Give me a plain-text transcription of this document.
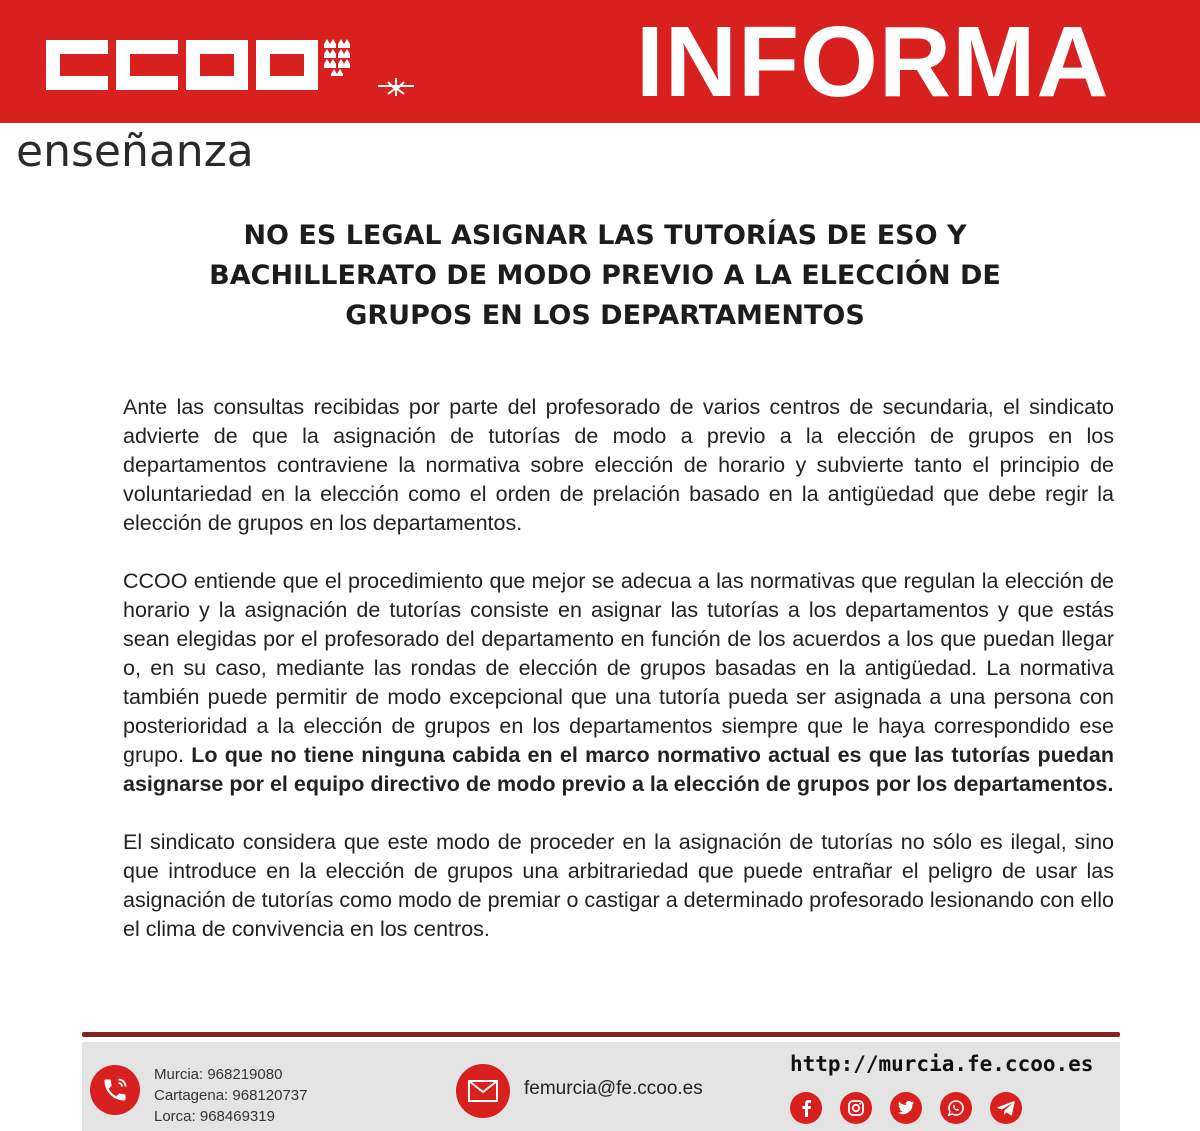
INFORMA
enseñanza
NO ES LEGAL ASIGNAR LAS TUTORÍAS DE ESO Y
BACHILLERATO DE MODO PREVIO A LA ELECCIÓN DE
GRUPOS EN LOS DEPARTAMENTOS

Ante las consultas recibidas por parte del profesorado de varios centros de secundaria, el sindicato advierte de que la asignación de tutorías de modo a previo a la elección de grupos en los departamentos contraviene la normativa sobre elección de horario y subvierte tanto el principio de voluntariedad en la elección como el orden de prelación basado en la antigüedad que debe regir la elección de grupos en los departamentos.

CCOO entiende que el procedimiento que mejor se adecua a las normativas que regulan la elección de horario y la asignación de tutorías consiste en asignar las tutorías a los departamentos y que estás sean elegidas por el profesorado del departamento en función de los acuerdos a los que puedan llegar o, en su caso, mediante las rondas de elección de grupos basadas en la antigüedad. La normativa también puede permitir de modo excepcional que una tutoría pueda ser asignada a una persona con posterioridad a la elección de grupos en los departamentos siempre que le haya correspondido ese grupo. Lo que no tiene ninguna cabida en el marco normativo actual es que las tutorías puedan asignarse por el equipo directivo de modo previo a la elección de grupos por los departamentos.

El sindicato considera que este modo de proceder en la asignación de tutorías no sólo es ilegal, sino que introduce en la elección de grupos una arbitrariedad que puede entrañar el peligro de usar las asignación de tutorías como modo de premiar o castigar a determinado profesorado lesionando con ello el clima de convivencia en los centros.

Murcia: 968219080
Cartagena: 968120737
Lorca: 968469319
femurcia@fe.ccoo.es
http://murcia.fe.ccoo.es
